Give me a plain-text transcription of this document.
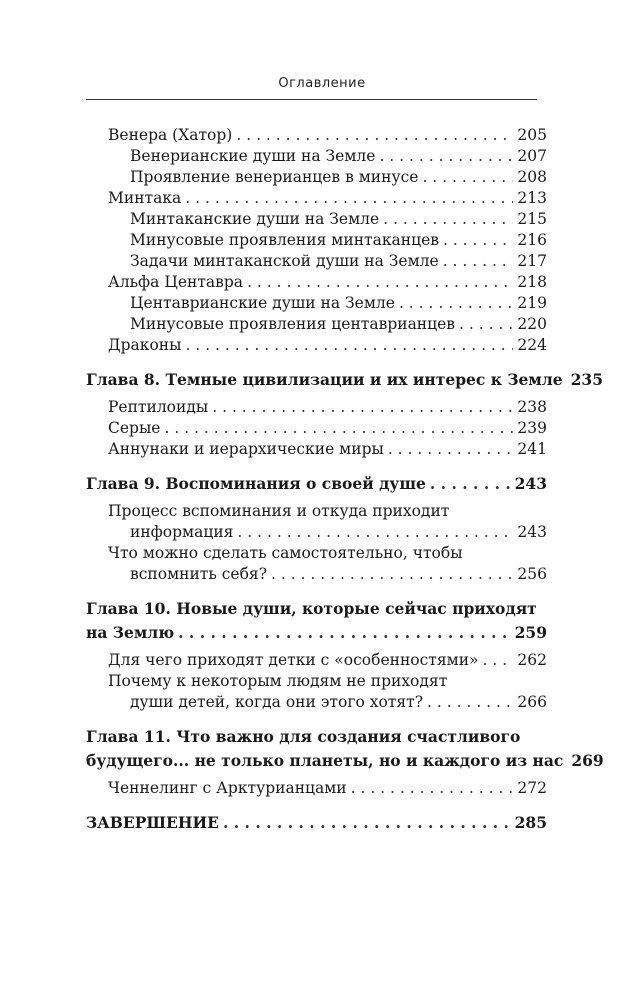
Оглавление
Венера (Хатор) . . .	205
Венерианские души на Земле . . .	207
Проявление венерианцев в минусе . . .	208
Минтака . . .	213
Минтаканские души на Земле . . .	215
Минусовые проявления минтаканцев . . .	216
Задачи минтаканской души на Земле . . .	217
Альфа Центавра . . .	218
Центаврианские души на Земле . . .	219
Минусовые проявления центаврианцев . . .	220
Драконы . . .	224
Глава 8. Темные цивилизации и их интерес к Земле 235
Рептилоиды . . .	238
Серые . . .	239
Аннунаки и иерархические миры . . .	241
Глава 9. Воспоминания о своей душе . . .	243
Процесс вспоминания и откуда приходит
информация . . .	243
Что можно сделать самостоятельно, чтобы
вспомнить себя? . . .	256
Глава 10. Новые души, которые сейчас приходят
на Землю . . .	259
Для чего приходят детки с «особенностями» . . .	262
Почему к некоторым людям не приходят
души детей, когда они этого хотят? . . .	266
Глава 11. Что важно для создания счастливого
будущего... не только планеты, но и каждого из нас 269
Ченнелинг с Арктурианцами . . .	272
ЗАВЕРШЕНИЕ . . .	285
